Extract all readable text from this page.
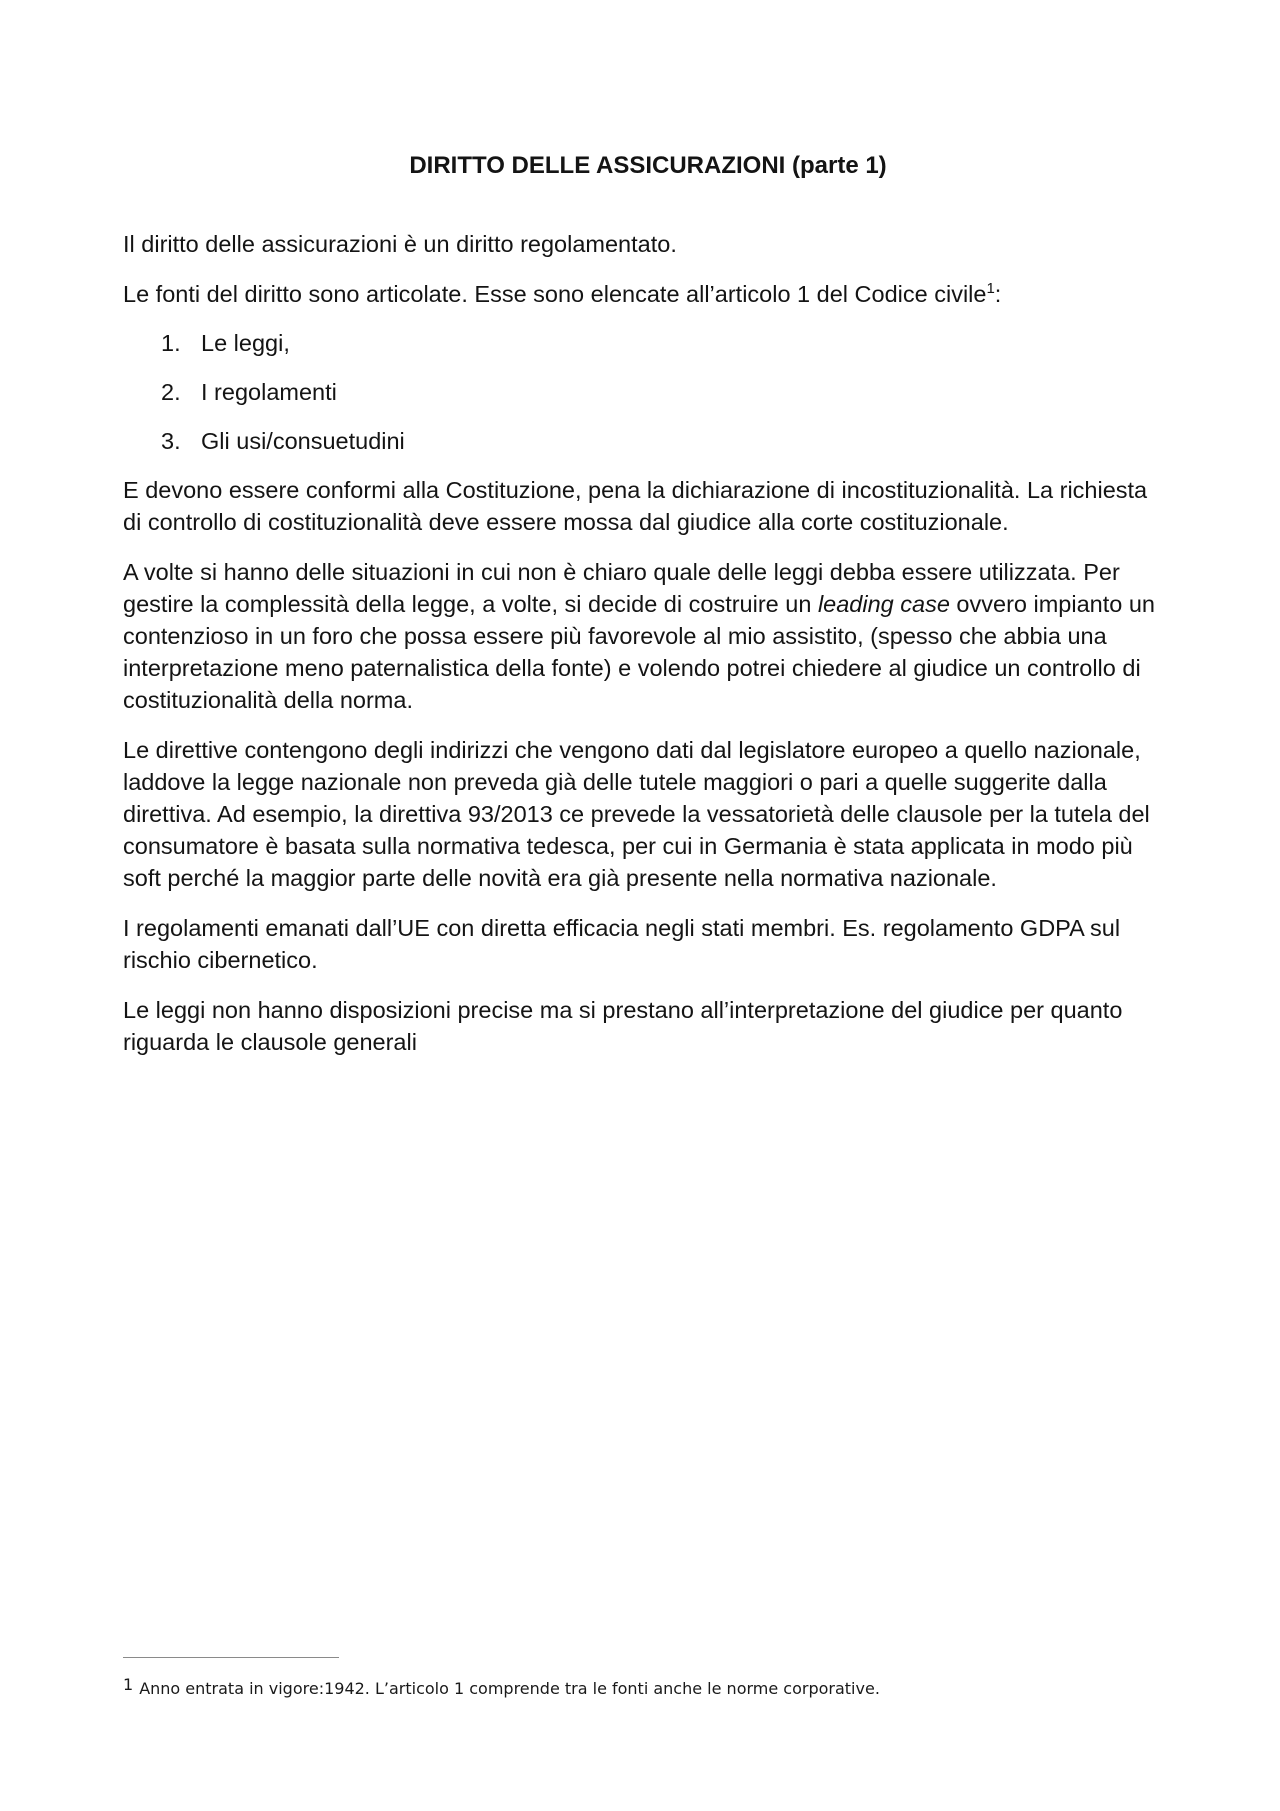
DIRITTO DELLE ASSICURAZIONI (parte 1)

Il diritto delle assicurazioni è un diritto regolamentato.

Le fonti del diritto sono articolate. Esse sono elencate all’articolo 1 del Codice civile$^1$:

1. Le leggi,
2. I regolamenti
3. Gli usi/consuetudini

E devono essere conformi alla Costituzione, pena la dichiarazione di incostituzionalità. La richiesta di controllo di costituzionalità deve essere mossa dal giudice alla corte costituzionale.

A volte si hanno delle situazioni in cui non è chiaro quale delle leggi debba essere utilizzata. Per gestire la complessità della legge, a volte, si decide di costruire un leading case ovvero impianto un contenzioso in un foro che possa essere più favorevole al mio assistito, (spesso che abbia una interpretazione meno paternalistica della fonte) e volendo potrei chiedere al giudice un controllo di costituzionalità della norma.

Le direttive contengono degli indirizzi che vengono dati dal legislatore europeo a quello nazionale, laddove la legge nazionale non preveda già delle tutele maggiori o pari a quelle suggerite dalla direttiva. Ad esempio, la direttiva 93/2013 ce prevede la vessatorietà delle clausole per la tutela del consumatore è basata sulla normativa tedesca, per cui in Germania è stata applicata in modo più soft perché la maggior parte delle novità era già presente nella normativa nazionale.

I regolamenti emanati dall’UE con diretta efficacia negli stati membri. Es. regolamento GDPA sul rischio cibernetico.

Le leggi non hanno disposizioni precise ma si prestano all’interpretazione del giudice per quanto riguarda le clausole generali

1 Anno entrata in vigore:1942. L’articolo 1 comprende tra le fonti anche le norme corporative.
